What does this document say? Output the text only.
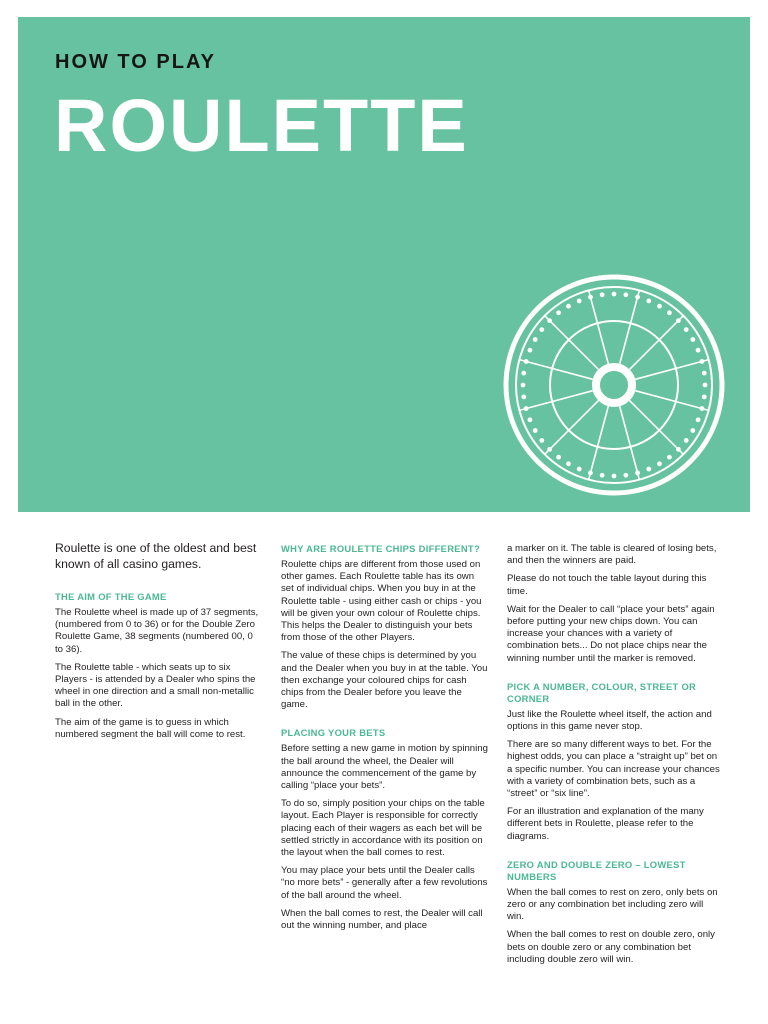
HOW TO PLAY
ROULETTE

Roulette is one of the oldest and best known of all casino games.

THE AIM OF THE GAME

The Roulette wheel is made up of 37 segments, (numbered from 0 to 36) or for the Double Zero Roulette Game, 38 segments (numbered 00, 0 to 36).

The Roulette table - which seats up to six Players - is attended by a Dealer who spins the wheel in one direction and a small non-metallic ball in the other.

The aim of the game is to guess in which numbered segment the ball will come to rest.

WHY ARE ROULETTE CHIPS DIFFERENT?

Roulette chips are different from those used on other games. Each Roulette table has its own set of individual chips. When you buy in at the Roulette table - using either cash or chips - you will be given your own colour of Roulette chips. This helps the Dealer to distinguish your bets from those of the other Players.

The value of these chips is determined by you and the Dealer when you buy in at the table. You then exchange your coloured chips for cash chips from the Dealer before you leave the game.

PLACING YOUR BETS

Before setting a new game in motion by spinning the ball around the wheel, the Dealer will announce the commencement of the game by calling “place your bets”.

To do so, simply position your chips on the table layout. Each Player is responsible for correctly placing each of their wagers as each bet will be settled strictly in accordance with its position on the layout when the ball comes to rest.

You may place your bets until the Dealer calls “no more bets” - generally after a few revolutions of the ball around the wheel.

When the ball comes to rest, the Dealer will call out the winning number, and place

a marker on it. The table is cleared of losing bets, and then the winners are paid.

Please do not touch the table layout during this time.

Wait for the Dealer to call “place your bets” again before putting your new chips down. You can increase your chances with a variety of combination bets... Do not place chips near the winning number until the marker is removed.

PICK A NUMBER, COLOUR, STREET OR CORNER

Just like the Roulette wheel itself, the action and options in this game never stop.

There are so many different ways to bet. For the highest odds, you can place a “straight up” bet on a specific number. You can increase your chances with a variety of combination bets, such as a “street” or “six line”.

For an illustration and explanation of the many different bets in Roulette, please refer to the diagrams.

ZERO AND DOUBLE ZERO – LOWEST NUMBERS

When the ball comes to rest on zero, only bets on zero or any combination bet including zero will win.

When the ball comes to rest on double zero, only bets on double zero or any combination bet including double zero will win.
